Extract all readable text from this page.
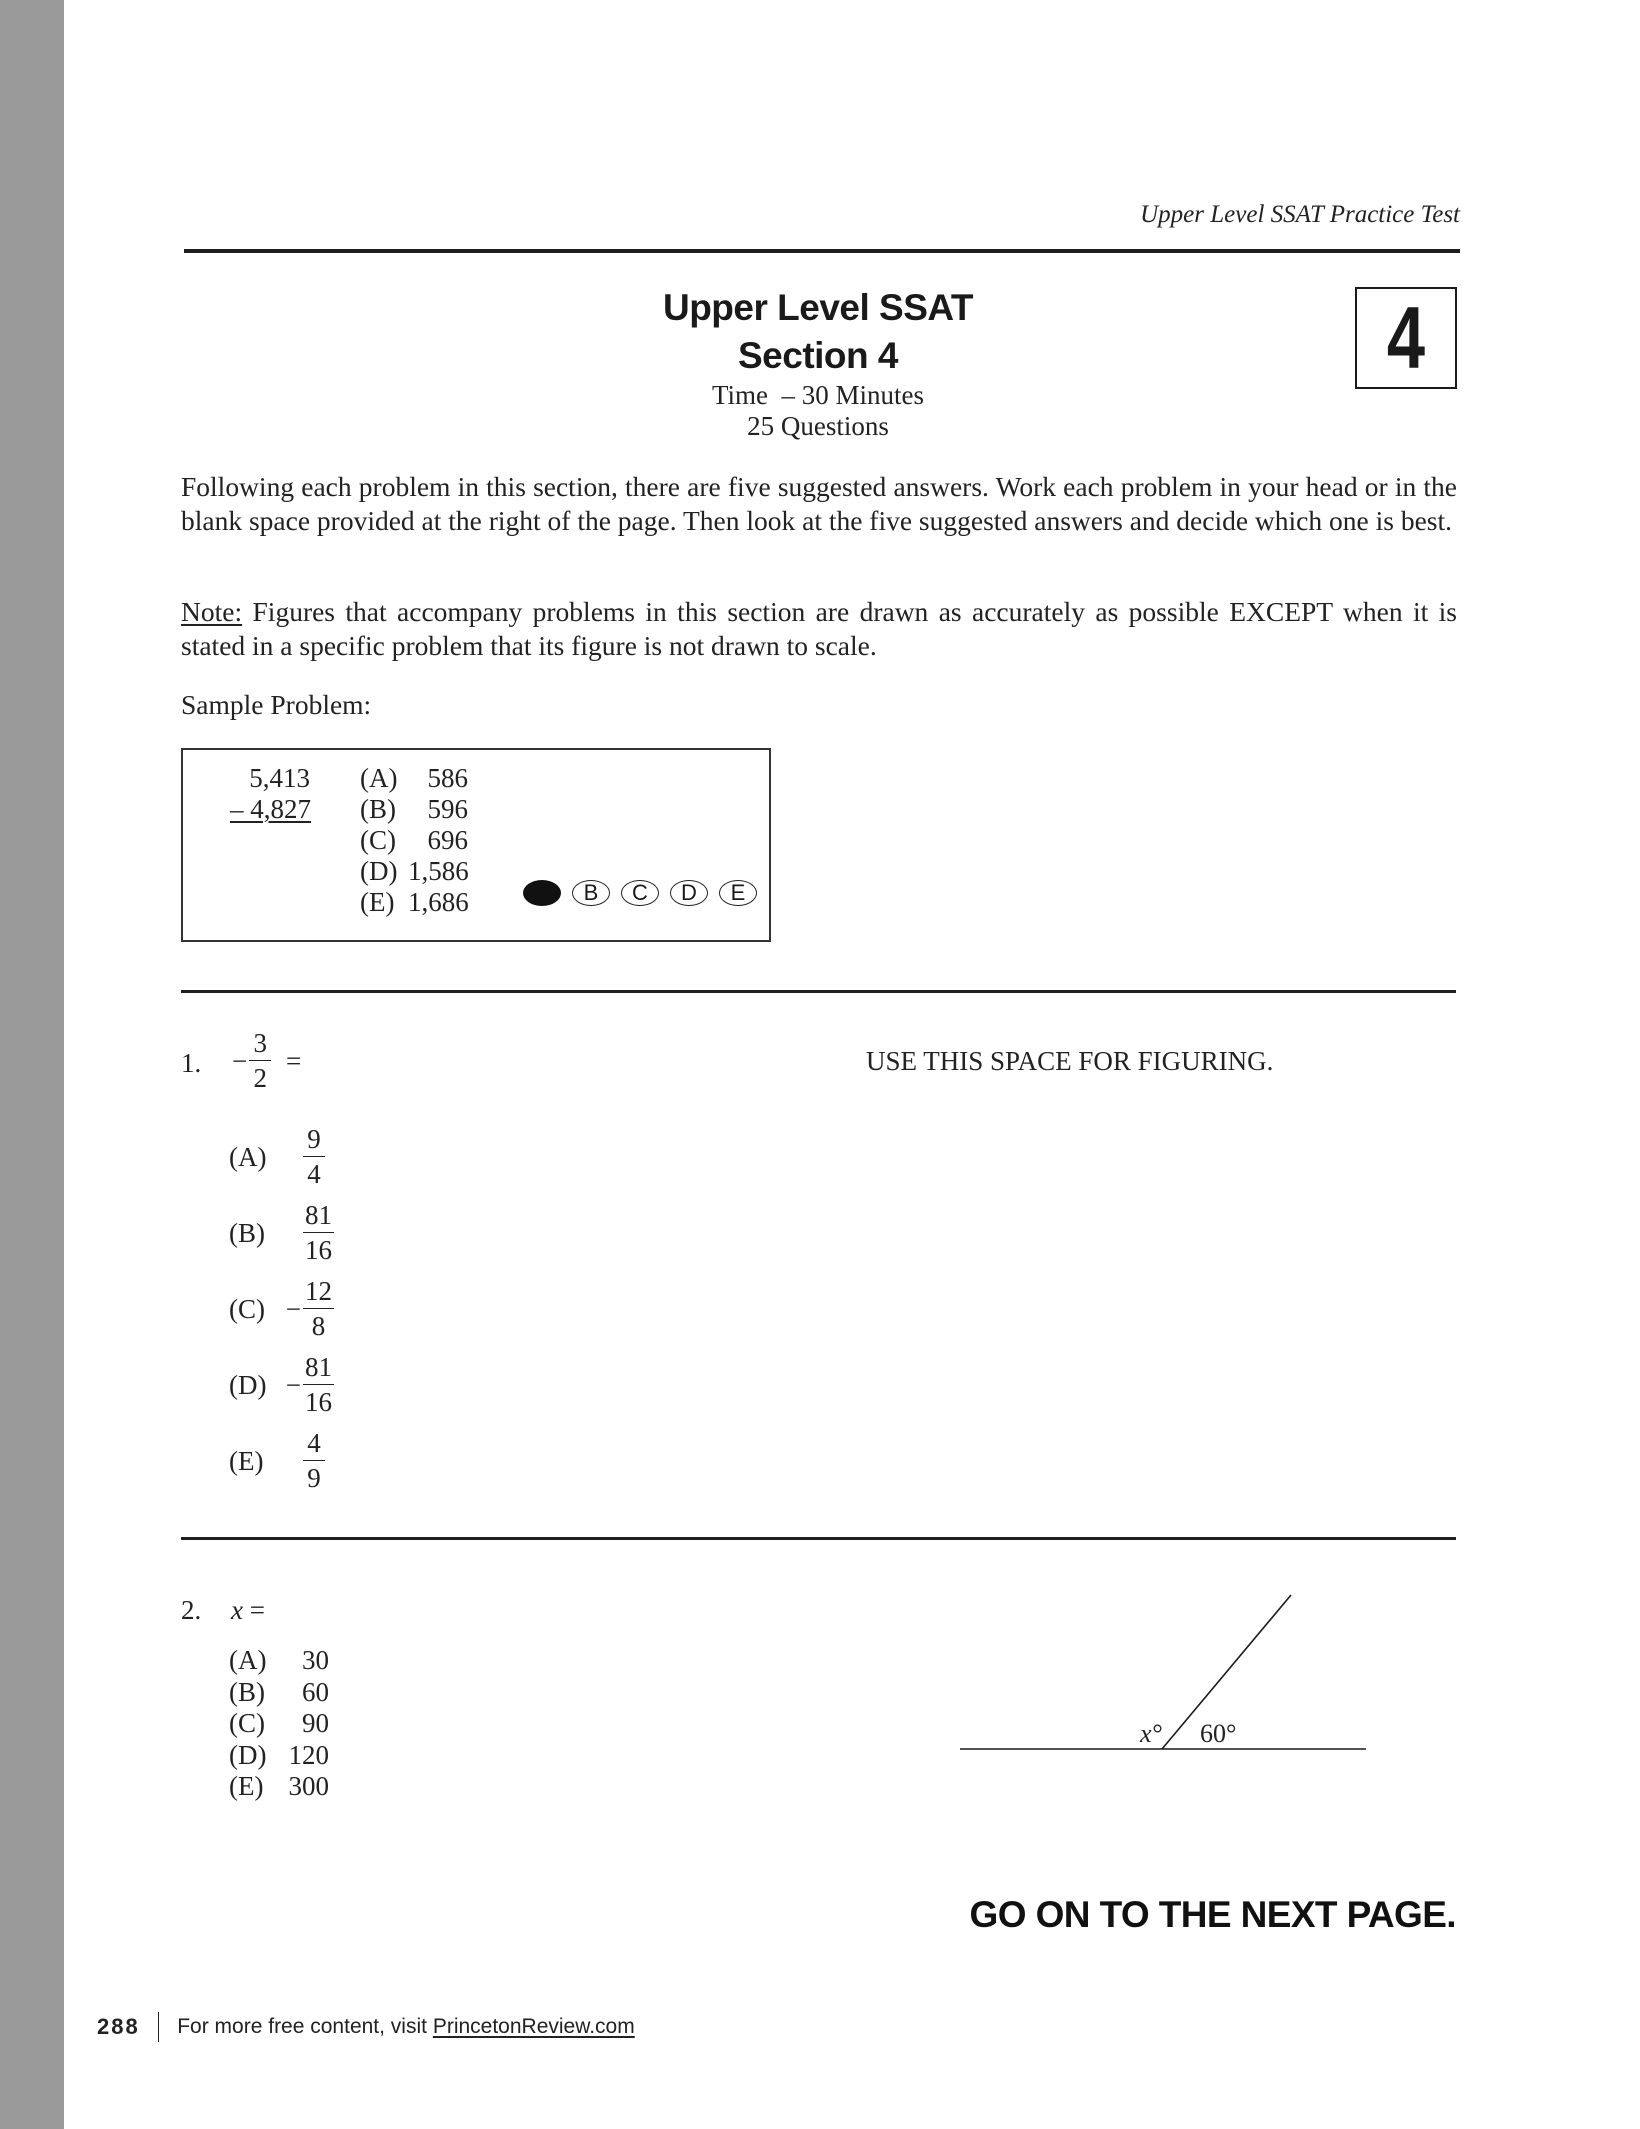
Upper Level SSAT Practice Test
Upper Level SSAT
Section 4
Time  – 30 Minutes
25 Questions
4
Following each problem in this section, there are five suggested answers. Work each problem in your head or in the blank space provided at the right of the page. Then look at the five suggested answers and decide which one is best.
Note: Figures that accompany problems in this section are drawn as accurately as possible EXCEPT when it is stated in a specific problem that its figure is not drawn to scale.
Sample Problem:
5,413
– 4,827
(A)	586
(B)	596
(C)	696
(D) 1,586
(E) 1,686	B	C	D	E
1. − $\frac{3}{2}$ =	USE THIS SPACE FOR FIGURING.
(A)	$\frac{9}{4}$
(B)	$\frac{81}{16}$
$(C) - \frac{12}{8}$
$(D) - \frac{81}{16}$
(E)	$\frac{4}{9}$
2. x =
(A)	30
(B)	60
(C)	90
(D) 120
(E) 300
x° 60°
GO ON TO THE NEXT PAGE.
288 For more free content, visit PrincetonReview.com
